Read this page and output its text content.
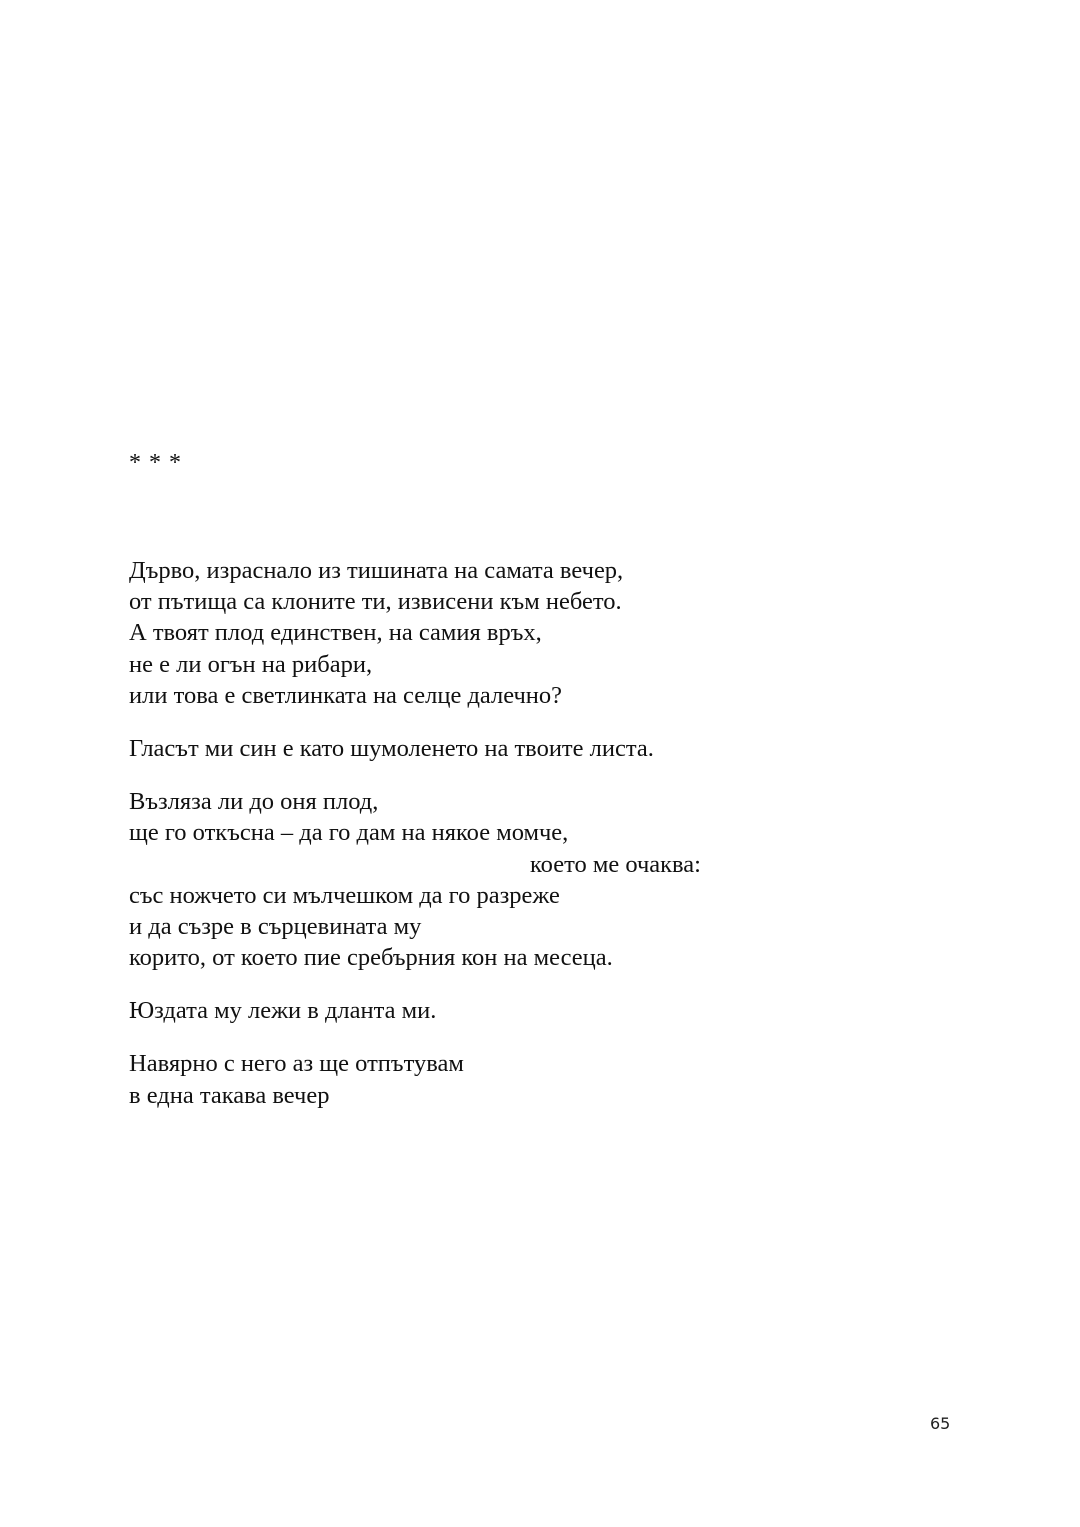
* * *
Дърво, израснало из тишината на самата вечер,
от пътища са клоните ти, извисени към небето.
А твоят плод единствен, на самия връх,
не е ли огън на рибари,
или това е светлинката на селце далечно?
Гласът ми син е като шумоленето на твоите листа.
Възляза ли до оня плод,
ще го откъсна – да го дам на някое момче,
което ме очаква:
със ножчето си мълчешком да го разреже
и да съзре в сърцевината му
корито, от което пие сребърния кон на месеца.
Юздата му лежи в дланта ми.
Навярно с него аз ще отпътувам
в една такава вечер
65
